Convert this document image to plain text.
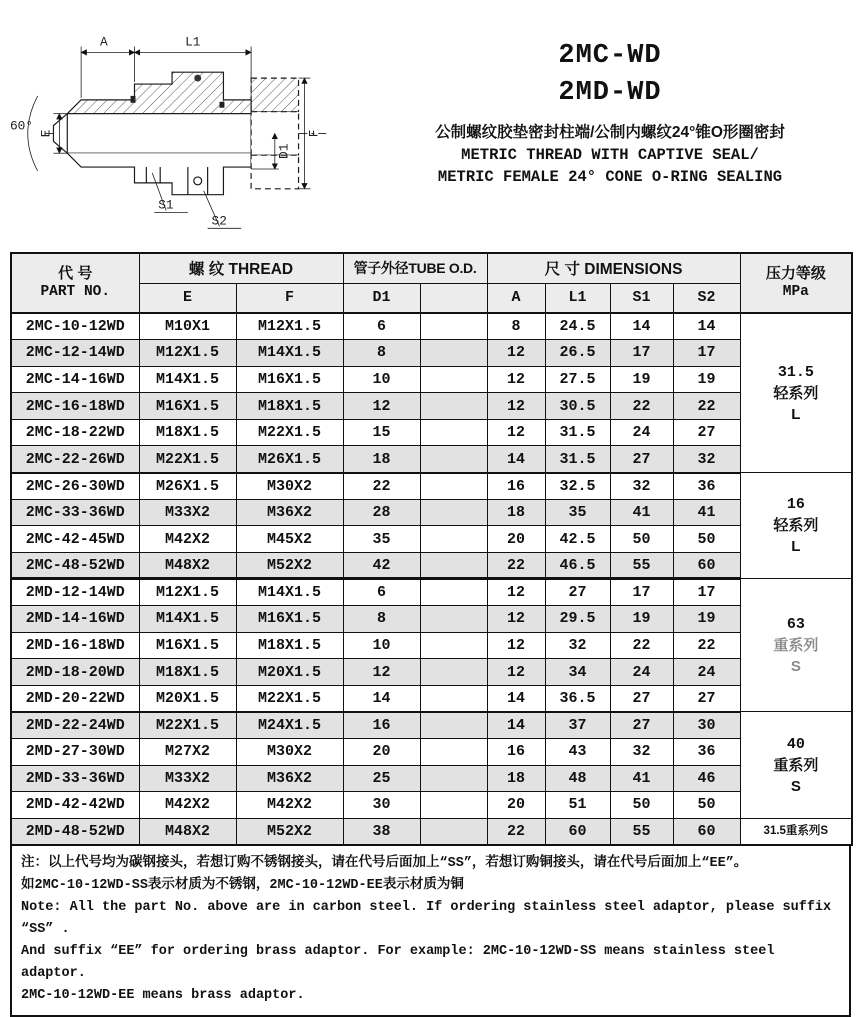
A	L1
60° E
D1
F
S1
S2
2MC-WD
2MD-WD
公制螺纹胶垫密封柱端/公制内螺纹24°锥O形圈密封
METRIC THREAD WITH CAPTIVE SEAL/
METRIC FEMALE 24° CONE O-RING SEALING
代 号
PART NO.
	螺 纹 THREAD	管子外径TUBE O.D.	尺 寸 DIMENSIONS	压力等级
MPa

	E	F	D1		A	L1	S1	S2	
2MC-10-12WD	M10X1	M12X1.5	6		8	24.5	14	14	31.5
轻系列
L

2MC-12-14WD	M12X1.5	M14X1.5	8		12	26.5	17	17	
2MC-14-16WD	M14X1.5	M16X1.5	10		12	27.5	19	19	
2MC-16-18WD	M16X1.5	M18X1.5	12		12	30.5	22	22	
2MC-18-22WD	M18X1.5	M22X1.5	15		12	31.5	24	27	
2MC-22-26WD	M22X1.5	M26X1.5	18		14	31.5	27	32	
2MC-26-30WD	M26X1.5	M30X2	22		16	32.5	32	36	16
轻系列
L

2MC-33-36WD	M33X2	M36X2	28		18	35	41	41	
2MC-42-45WD	M42X2	M45X2	35		20	42.5	50	50	
2MC-48-52WD	M48X2	M52X2	42		22	46.5	55	60	
2MD-12-14WD	M12X1.5	M14X1.5	6		12	27	17	17	63
重系列
S

2MD-14-16WD	M14X1.5	M16X1.5	8		12	29.5	19	19	
2MD-16-18WD	M16X1.5	M18X1.5	10		12	32	22	22	
2MD-18-20WD	M18X1.5	M20X1.5	12		12	34	24	24	
2MD-20-22WD	M20X1.5	M22X1.5	14		14	36.5	27	27	
2MD-22-24WD	M22X1.5	M24X1.5	16		14	37	27	30	40
重系列
S

2MD-27-30WD	M27X2	M30X2	20		16	43	32	36	
2MD-33-36WD	M33X2	M36X2	25		18	48	41	46	
2MD-42-42WD	M42X2	M42X2	30		20	51	50	50	
2MD-48-52WD	M48X2	M52X2	38		22	60	55	60	31.5重系列S
注：以上代号均为碳钢接头，若想订购不锈钢接头，请在代号后面加上“SS”，若想订购铜接头，请在代号后面加上“EE”。
如2MC-10-12WD-SS表示材质为不锈钢，2MC-10-12WD-EE表示材质为铜
Note: All the part No. above are in carbon steel. If ordering stainless steel adaptor, please suffix “SS” .
And suffix “EE” for ordering brass adaptor. For example: 2MC-10-12WD-SS means stainless steel adaptor.
2MC-10-12WD-EE means brass adaptor.
